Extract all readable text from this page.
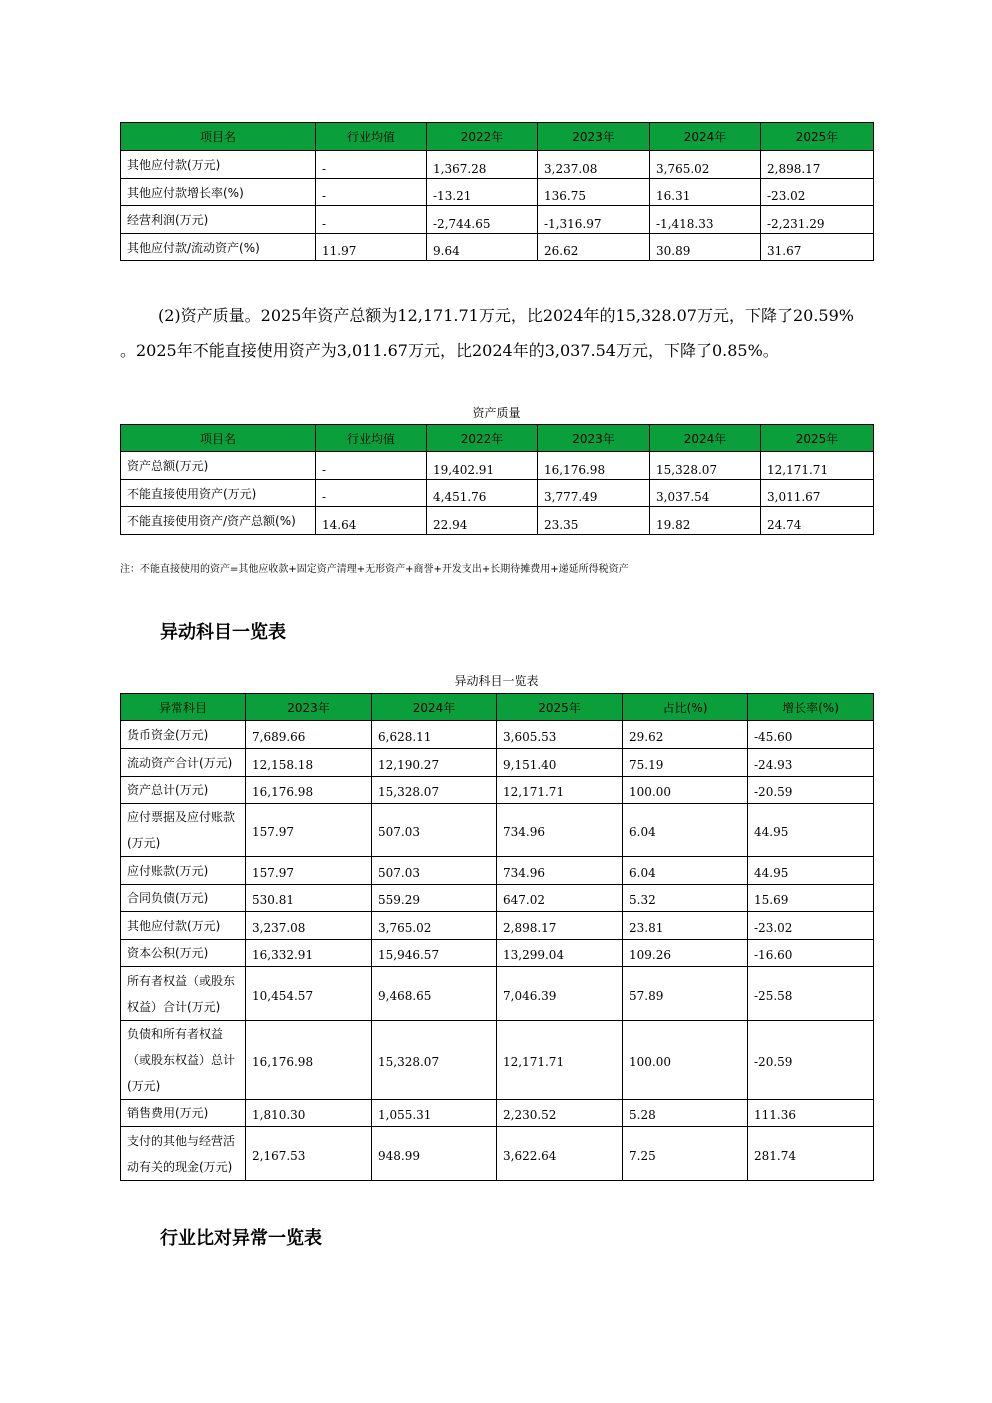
项目名	行业均值	2022年	2023年	2024年	2025年
其他应付款(万元)	-	1,367.28	3,237.08	3,765.02	2,898.17
其他应付款增长率(%)	-	-13.21	136.75	16.31	-23.02
经营利润(万元)	-	-2,744.65	-1,316.97	-1,418.33	-2,231.29
其他应付款/流动资产(%)	11.97	9.64	26.62	30.89	31.67
(2)资产质量。2025年资产总额为12,171.71万元，比2024年的15,328.07万元，下降了20.59%
。2025年不能直接使用资产为3,011.67万元，比2024年的3,037.54万元，下降了0.85%。
资产质量
项目名	行业均值	2022年	2023年	2024年	2025年
资产总额(万元)	-	19,402.91	16,176.98	15,328.07	12,171.71
不能直接使用资产(万元)	-	4,451.76	3,777.49	3,037.54	3,011.67
不能直接使用资产/资产总额(%)	14.64	22.94	23.35	19.82	24.74
注：不能直接使用的资产=其他应收款+固定资产清理+无形资产+商誉+开发支出+长期待摊费用+递延所得税资产
异动科目一览表
异动科目一览表
异常科目	2023年	2024年	2025年	占比(%)	增长率(%)
货币资金(万元)	7,689.66	6,628.11	3,605.53	29.62	-45.60
流动资产合计(万元)	12,158.18	12,190.27	9,151.40	75.19	-24.93
资产总计(万元)	16,176.98	15,328.07	12,171.71	100.00	-20.59
应付票据及应付账款(万元)	157.97	507.03	734.96	6.04	44.95
应付账款(万元)	157.97	507.03	734.96	6.04	44.95
合同负债(万元)	530.81	559.29	647.02	5.32	15.69
其他应付款(万元)	3,237.08	3,765.02	2,898.17	23.81	-23.02
资本公积(万元)	16,332.91	15,946.57	13,299.04	109.26	-16.60
所有者权益（或股东权益）合计(万元)	10,454.57	9,468.65	7,046.39	57.89	-25.58
负债和所有者权益（或股东权益）总计(万元)	16,176.98	15,328.07	12,171.71	100.00	-20.59
销售费用(万元)	1,810.30	1,055.31	2,230.52	5.28	111.36
支付的其他与经营活动有关的现金(万元)	2,167.53	948.99	3,622.64	7.25	281.74
行业比对异常一览表
